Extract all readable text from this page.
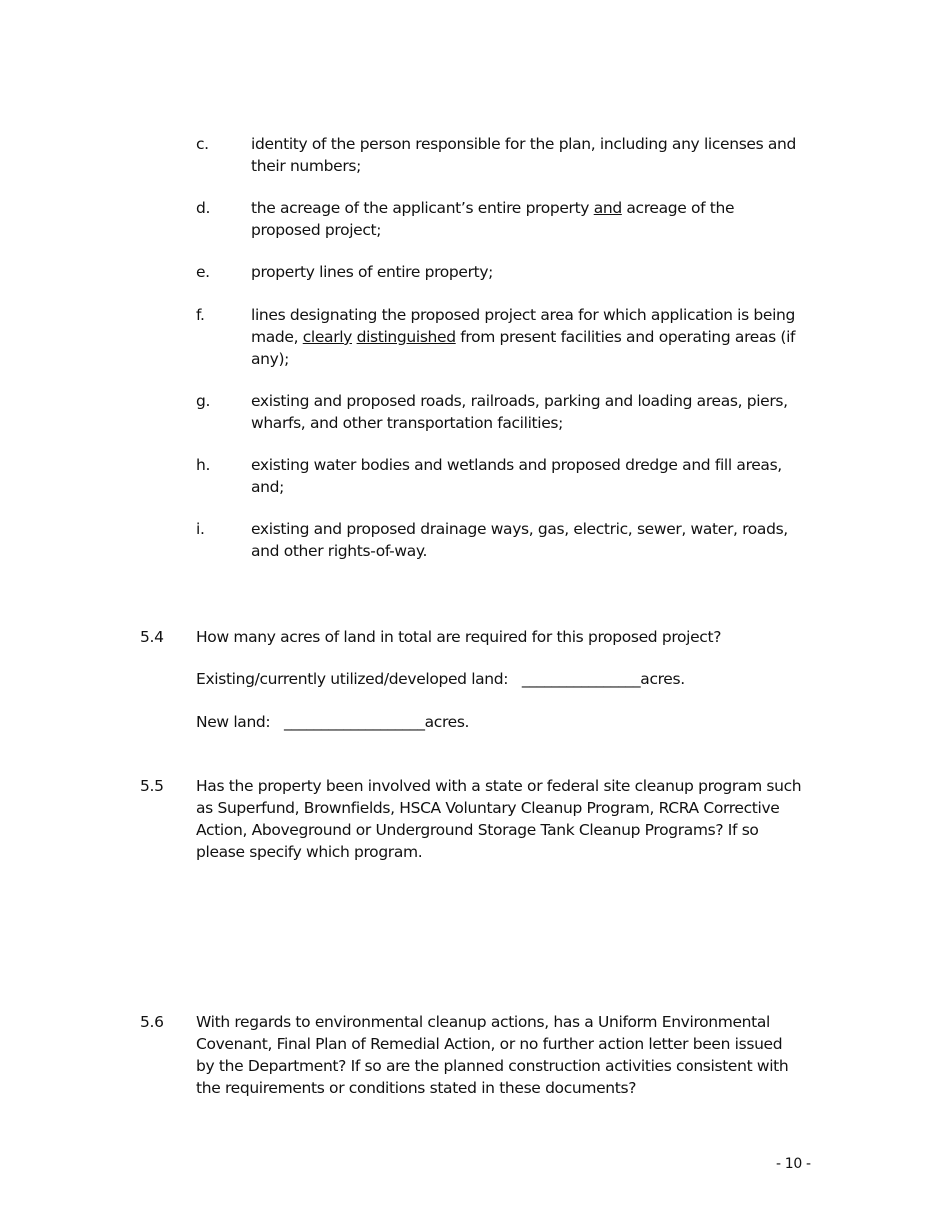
c.	identity of the person responsible for the plan, including any licenses and their numbers;
d.	the acreage of the applicant’s entire property and acreage of the proposed project;
e.	property lines of entire property;
f.	lines designating the proposed project area for which application is being made, clearly distinguished from present facilities and operating areas (if any);
g.	existing and proposed roads, railroads, parking and loading areas, piers, wharfs, and other transportation facilities;
h.	existing water bodies and wetlands and proposed dredge and fill areas, and;
i.	existing and proposed drainage ways, gas, electric, sewer, water, roads, and other rights-of-way.
5.4 How many acres of land in total are required for this proposed project?
Existing/currently utilized/developed land:   ________________acres.
New land:   ___________________acres.
5.5 Has the property been involved with a state or federal site cleanup program such as Superfund, Brownfields, HSCA Voluntary Cleanup Program, RCRA Corrective Action, Aboveground or Underground Storage Tank Cleanup Programs? If so please specify which program.
5.6 With regards to environmental cleanup actions, has a Uniform Environmental Covenant, Final Plan of Remedial Action, or no further action letter been issued by the Department? If so are the planned construction activities consistent with the requirements or conditions stated in these documents?
- 10 -
